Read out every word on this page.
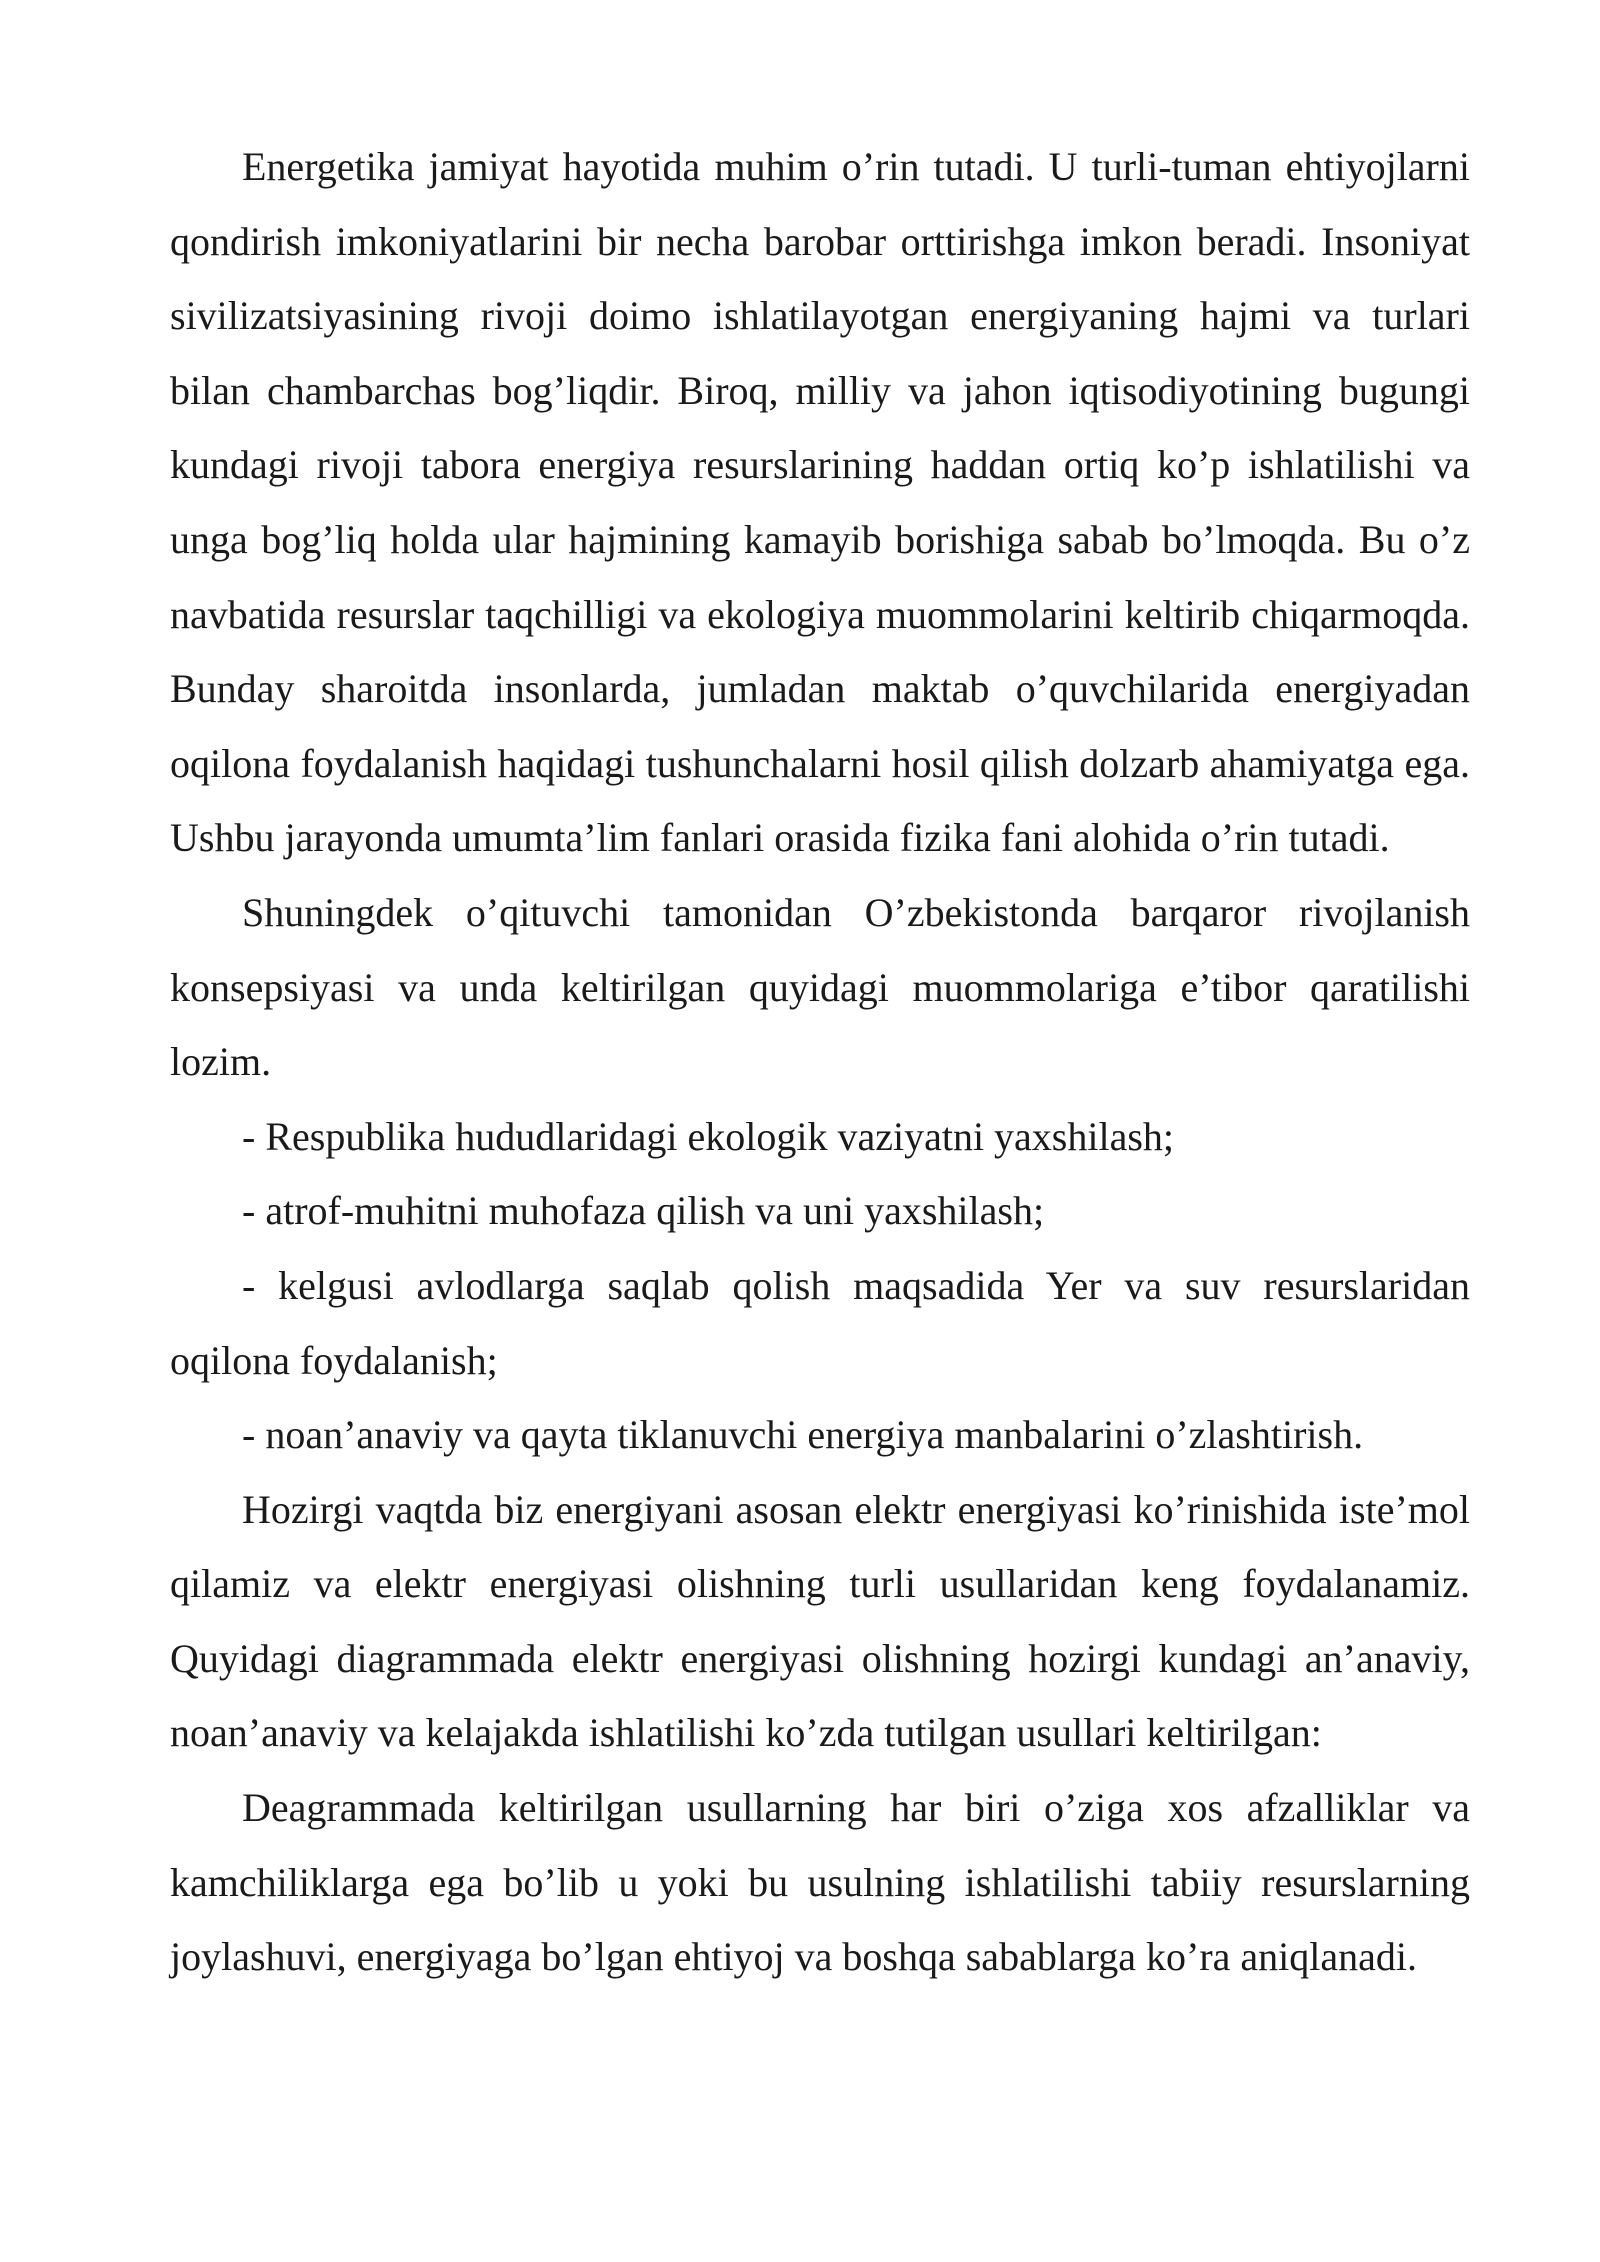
Energetika jamiyat hayotida muhim o’rin tutadi. U turli-tuman ehtiyojlarni qondirish imkoniyatlarini bir necha barobar orttirishga imkon beradi. Insoniyat sivilizatsiyasining rivoji doimo ishlatilayotgan energiyaning hajmi va turlari bilan chambarchas bog’liqdir. Biroq, milliy va jahon iqtisodiyotining bugungi kundagi rivoji tabora energiya resurslarining haddan ortiq ko’p ishlatilishi va unga bog’liq holda ular hajmining kamayib borishiga sabab bo’lmoqda. Bu o’z navbatida resurslar taqchilligi va ekologiya muommolarini keltirib chiqarmoqda. Bunday sharoitda insonlarda, jumladan maktab o’quvchilarida energiyadan oqilona foydalanish haqidagi tushunchalarni hosil qilish dolzarb ahamiyatga ega. Ushbu jarayonda umumta’lim fanlari orasida fizika fani alohida o’rin tutadi.

Shuningdek o’qituvchi tamonidan O’zbekistonda barqaror rivojlanish konsepsiyasi va unda keltirilgan quyidagi muommolariga e’tibor qaratilishi lozim.

- Respublika hududlaridagi ekologik vaziyatni yaxshilash;

- atrof-muhitni muhofaza qilish va uni yaxshilash;

- kelgusi avlodlarga saqlab qolish maqsadida Yer va suv resurslaridan oqilona foydalanish;

- noan’anaviy va qayta tiklanuvchi energiya manbalarini o’zlashtirish.

Hozirgi vaqtda biz energiyani asosan elektr energiyasi ko’rinishida iste’mol qilamiz va elektr energiyasi olishning turli usullaridan keng foydalanamiz. Quyidagi diagrammada elektr energiyasi olishning hozirgi kundagi an’anaviy, noan’anaviy va kelajakda ishlatilishi ko’zda tutilgan usullari keltirilgan:

Deagrammada keltirilgan usullarning har biri o’ziga xos afzalliklar va kamchiliklarga ega bo’lib u yoki bu usulning ishlatilishi tabiiy resurslarning joylashuvi, energiyaga bo’lgan ehtiyoj va boshqa sabablarga ko’ra aniqlanadi.
